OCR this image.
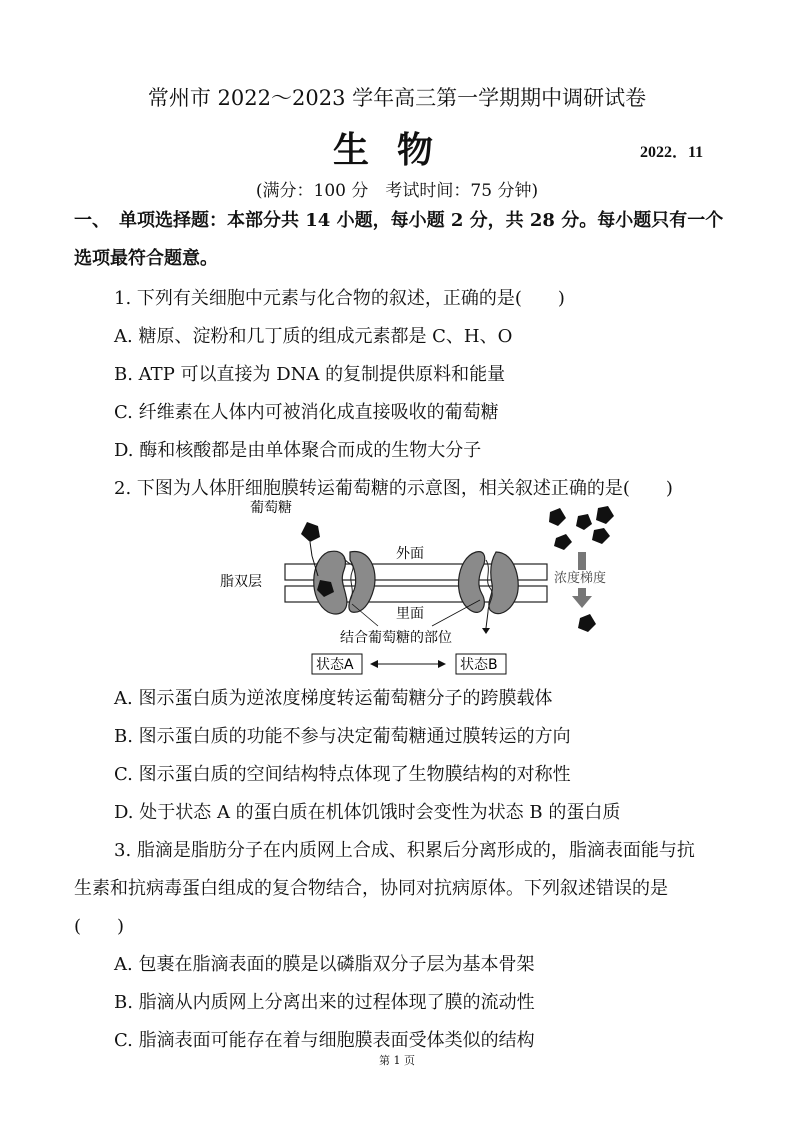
常州市 2022～2023 学年高三第一学期期中调研试卷
生物	2022．11
(满分：100 分　考试时间：75 分钟)
一、　单项选择题：本部分共 14 小题，每小题 2 分，共 28 分。每小题只有一个
选项最符合题意。
1. 下列有关细胞中元素与化合物的叙述，正确的是(　　)
A. 糖原、淀粉和几丁质的组成元素都是 C、H、O
B. ATP 可以直接为 DNA 的复制提供原料和能量
C. 纤维素在人体内可被消化成直接吸收的葡萄糖
D. 酶和核酸都是由单体聚合而成的生物大分子
2. 下图为人体肝细胞膜转运葡萄糖的示意图，相关叙述正确的是(　　)
葡萄糖
脂双层
外面
里面
结合葡萄糖的部位
浓度梯度
状态A	状态B
A. 图示蛋白质为逆浓度梯度转运葡萄糖分子的跨膜载体
B. 图示蛋白质的功能不参与决定葡萄糖通过膜转运的方向
C. 图示蛋白质的空间结构特点体现了生物膜结构的对称性
D. 处于状态 A 的蛋白质在机体饥饿时会变性为状态 B 的蛋白质
3. 脂滴是脂肪分子在内质网上合成、积累后分离形成的，脂滴表面能与抗
生素和抗病毒蛋白组成的复合物结合，协同对抗病原体。下列叙述错误的是
(　　)
A. 包裹在脂滴表面的膜是以磷脂双分子层为基本骨架
B. 脂滴从内质网上分离出来的过程体现了膜的流动性
C. 脂滴表面可能存在着与细胞膜表面受体类似的结构
第 1 页
